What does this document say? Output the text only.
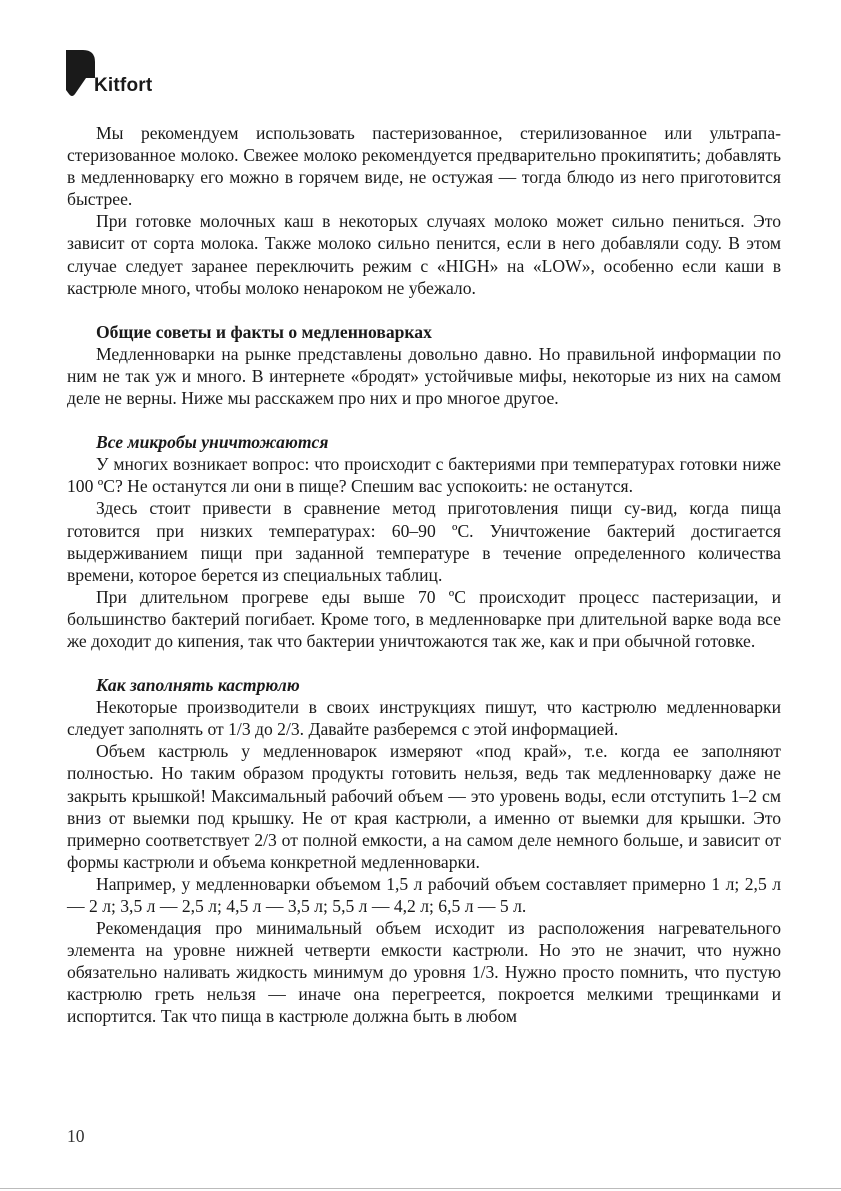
Kitfort

Мы рекомендуем использовать пастеризованное, стерилизованное или ультрапастеризованное молоко. Свежее молоко рекомендуется предварительно прокипятить; добавлять в медленноварку его можно в горячем виде, не остужая — тогда блюдо из него приготовится быстрее.

При готовке молочных каш в некоторых случаях молоко может сильно пениться. Это зависит от сорта молока. Также молоко сильно пенится, если в него добавляли соду. В этом случае следует заранее переключить режим с «HIGH» на «LOW», особенно если каши в кастрюле много, чтобы молоко ненароком не убежало.

Общие советы и факты о медленноварках

Медленноварки на рынке представлены довольно давно. Но правильной информации по ним не так уж и много. В интернете «бродят» устойчивые мифы, некоторые из них на самом деле не верны. Ниже мы расскажем про них и про многое другое.

Все микробы уничтожаются

У многих возникает вопрос: что происходит с бактериями при температурах готовки ниже 100 ºС? Не останутся ли они в пище? Спешим вас успокоить: не останутся.

Здесь стоит привести в сравнение метод приготовления пищи су-вид, когда пища готовится при низких температурах: 60–90 ºС. Уничтожение бактерий достигается выдерживанием пищи при заданной температуре в течение определенного количества времени, которое берется из специальных таблиц.

При длительном прогреве еды выше 70 ºС происходит процесс пастеризации, и большинство бактерий погибает. Кроме того, в медленноварке при длительной варке вода все же доходит до кипения, так что бактерии уничтожаются так же, как и при обычной готовке.

Как заполнять кастрюлю

Некоторые производители в своих инструкциях пишут, что кастрюлю медленноварки следует заполнять от 1/3 до 2/3. Давайте разберемся с этой информацией.

Объем кастрюль у медленноварок измеряют «под край», т.е. когда ее заполняют полностью. Но таким образом продукты готовить нельзя, ведь так медленноварку даже не закрыть крышкой! Максимальный рабочий объем — это уровень воды, если отступить 1–2 см вниз от выемки под крышку. Не от края кастрюли, а именно от выемки для крышки. Это примерно соответствует 2/3 от полной емкости, а на самом деле немного больше, и зависит от формы кастрюли и объема конкретной медленноварки.

Например, у медленноварки объемом 1,5 л рабочий объем составляет примерно 1 л; 2,5 л — 2 л; 3,5 л — 2,5 л; 4,5 л — 3,5 л; 5,5 л — 4,2 л; 6,5 л — 5 л.

Рекомендация про минимальный объем исходит из расположения нагревательного элемента на уровне нижней четверти емкости кастрюли. Но это не значит, что нужно обязательно наливать жидкость минимум до уровня 1/3. Нужно просто помнить, что пустую кастрюлю греть нельзя — иначе она перегреется, покроется мелкими трещинками и испортится. Так что пища в кастрюле должна быть в любом

10
